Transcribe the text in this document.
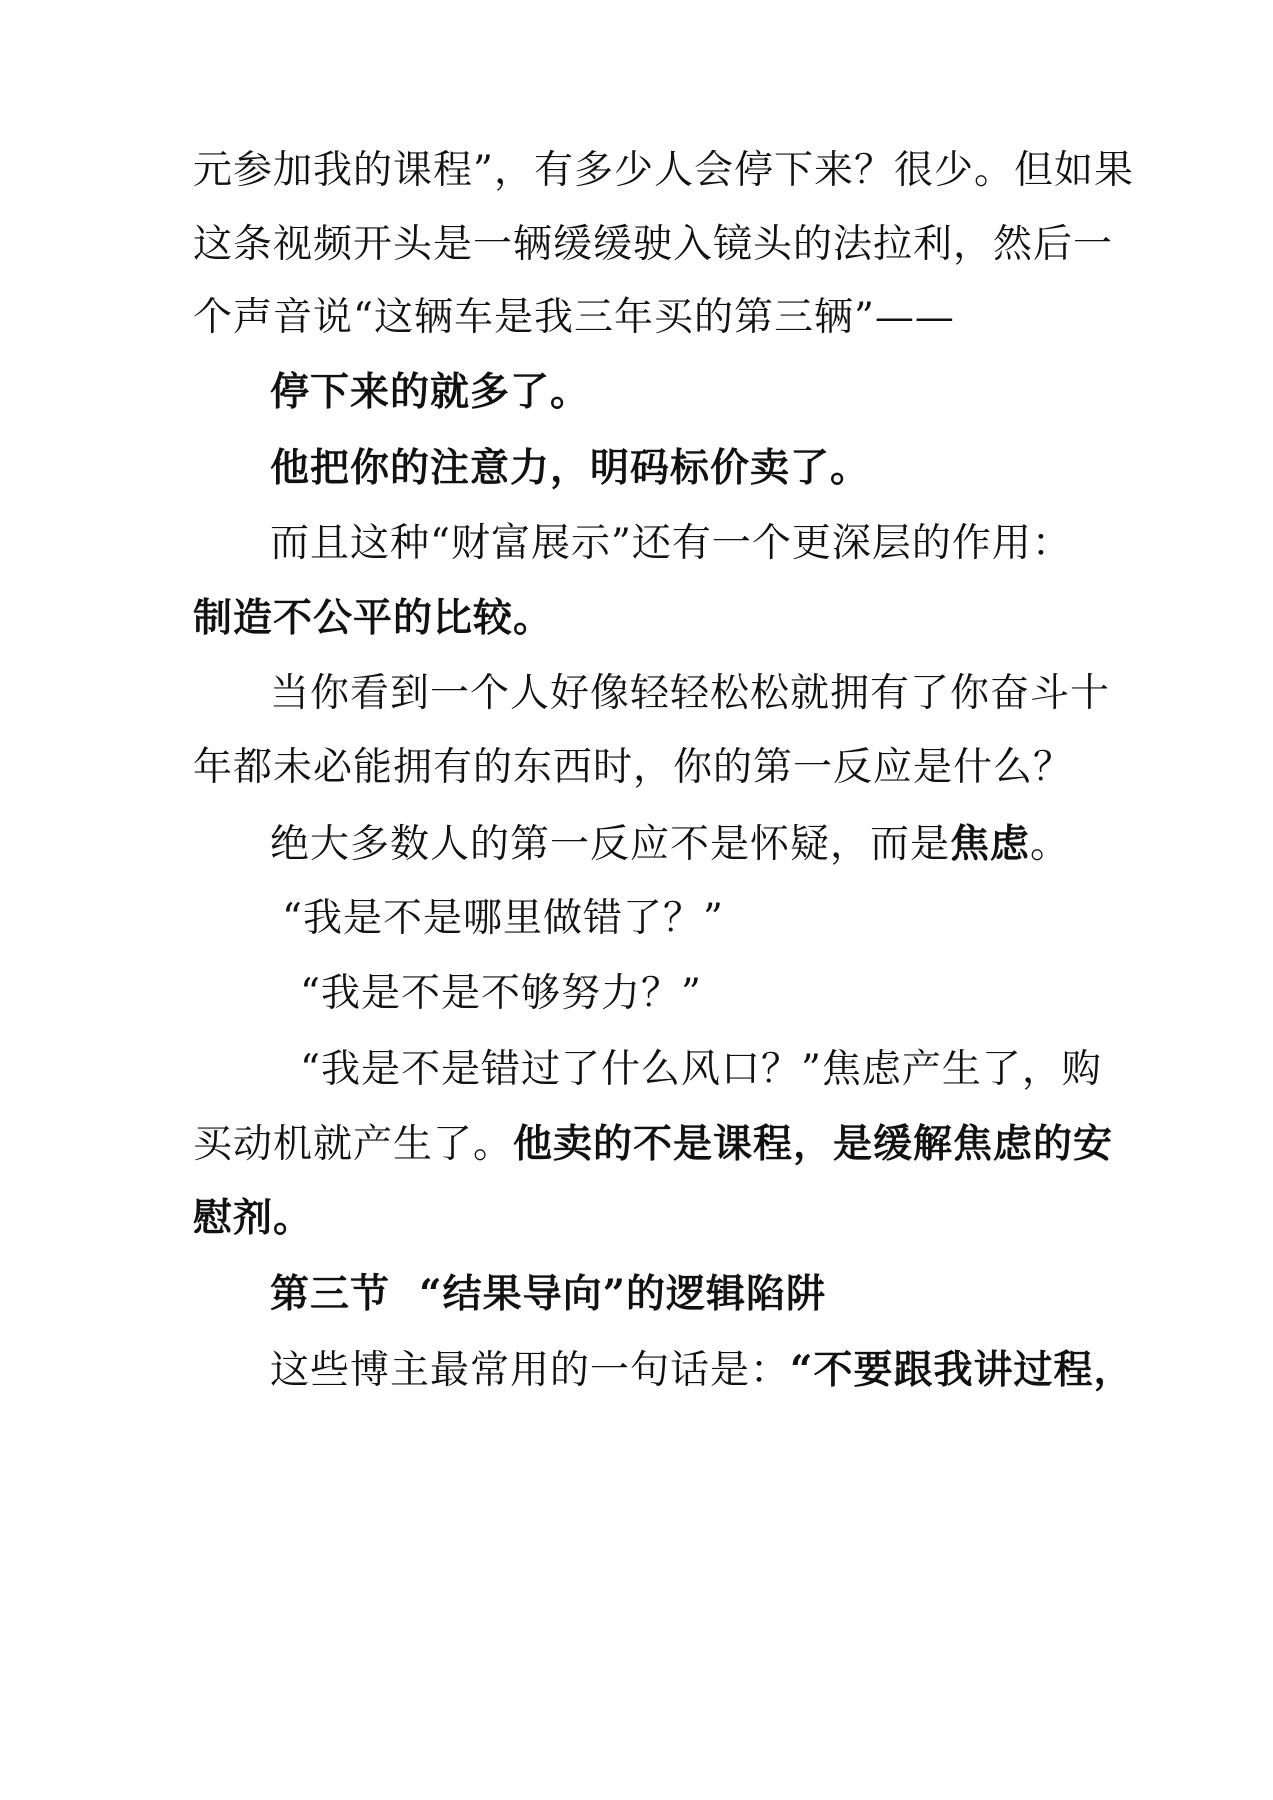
元参加我的课程”，有多少人会停下来？很少。但如果
这条视频开头是一辆缓缓驶入镜头的法拉利，然后一
个声音说“这辆车是我三年买的第三辆”——
停下来的就多了。
他把你的注意力，明码标价卖了。
而且这种“财富展示”还有一个更深层的作用：
制造不公平的比较。
当你看到一个人好像轻轻松松就拥有了你奋斗十
年都未必能拥有的东西时，你的第一反应是什么？
绝大多数人的第一反应不是怀疑，而是焦虑。
“我是不是哪里做错了？”
“我是不是不够努力？”
“我是不是错过了什么风口？”焦虑产生了，购
买动机就产生了。他卖的不是课程，是缓解焦虑的安
慰剂。
第三节  “结果导向”的逻辑陷阱
这些博主最常用的一句话是：“不要跟我讲过程，
